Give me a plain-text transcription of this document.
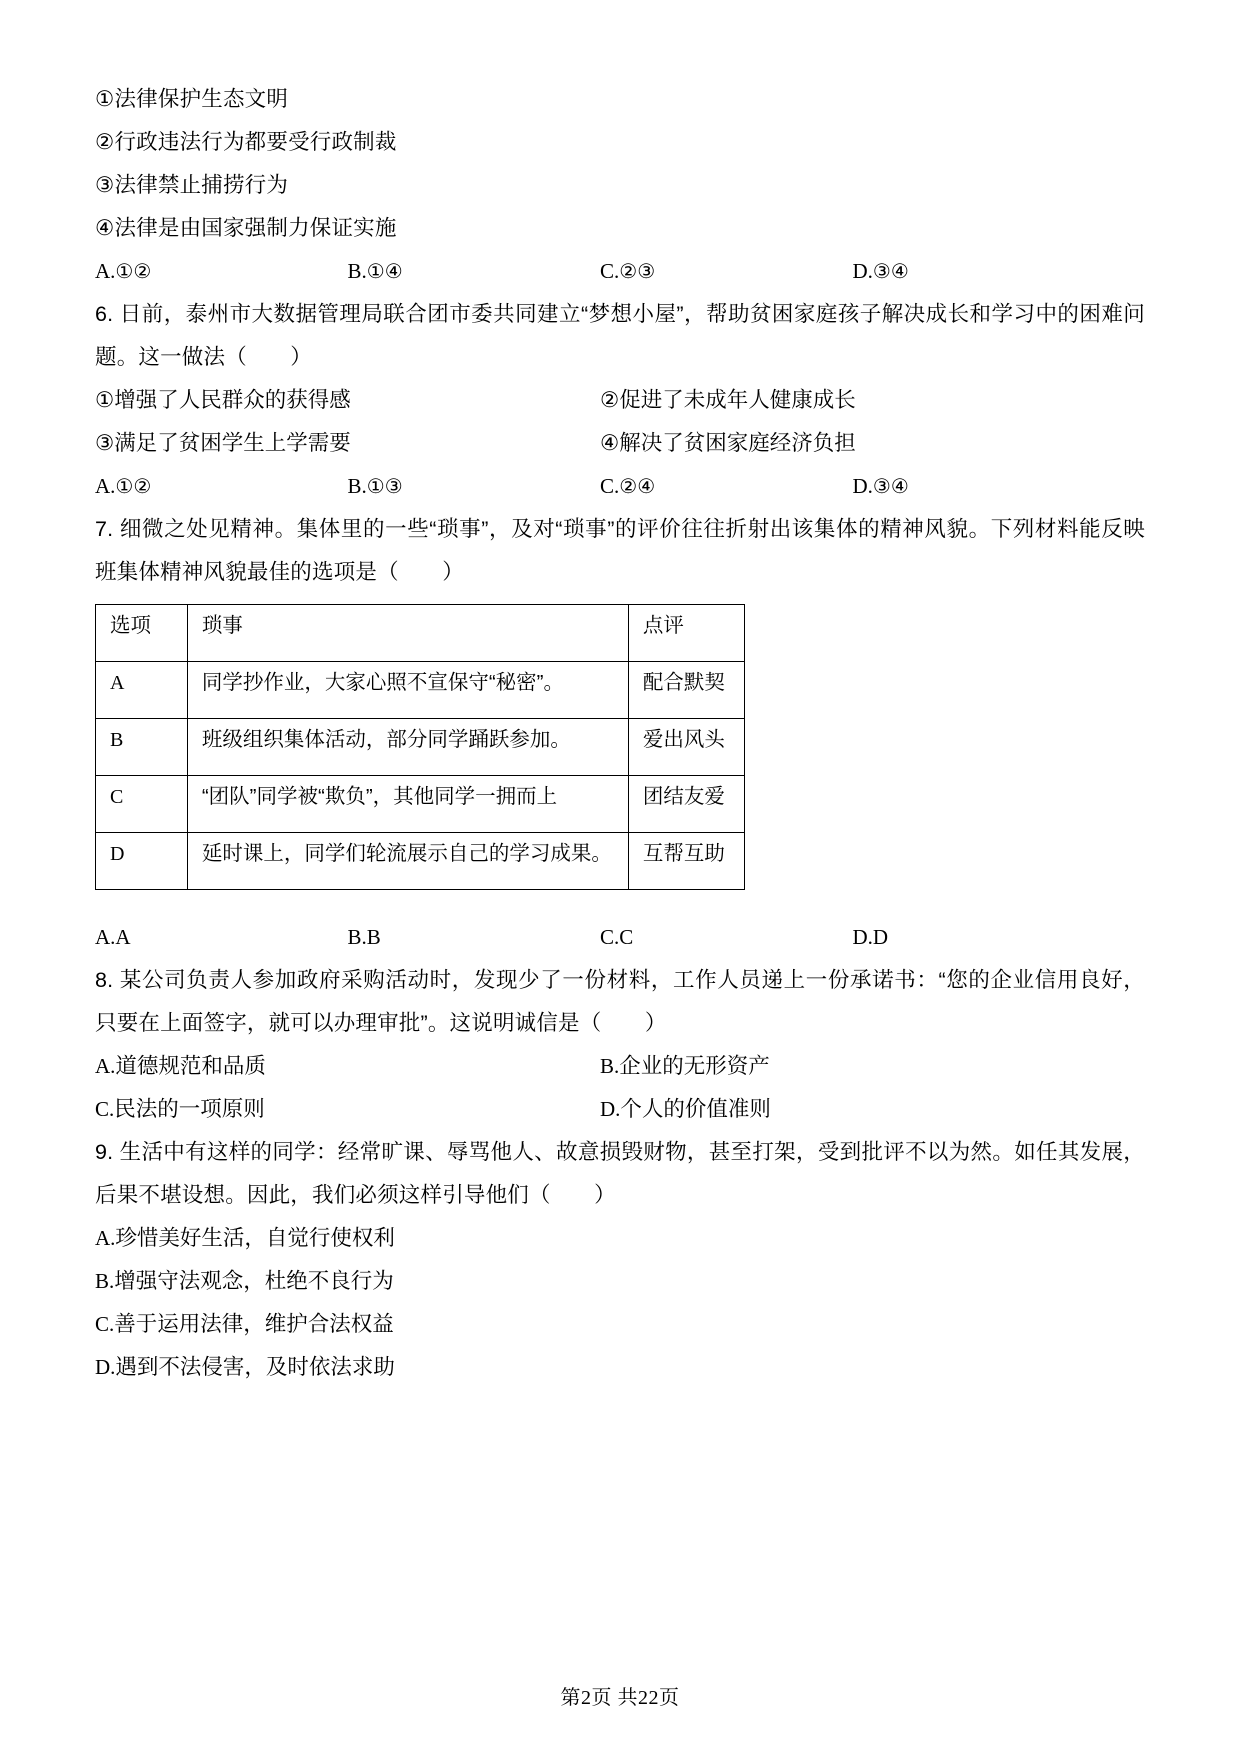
①法律保护生态文明
②行政违法行为都要受行政制裁
③法律禁止捕捞行为
④法律是由国家强制力保证实施
A.①②	B.①④	C.②③	D.③④
6. 日前，泰州市大数据管理局联合团市委共同建立“梦想小屋”，帮助贫困家庭孩子解决成长和学习中的困难问题。这一做法（　　）
①增强了人民群众的获得感	②促进了未成年人健康成长
③满足了贫困学生上学需要	④解决了贫困家庭经济负担
A.①②	B.①③	C.②④	D.③④
7. 细微之处见精神。集体里的一些“琐事”，及对“琐事”的评价往往折射出该集体的精神风貌。下列材料能反映班集体精神风貌最佳的选项是（　　）
选项	琐事	点评
A	同学抄作业，大家心照不宣保守“秘密”。	配合默契
B	班级组织集体活动，部分同学踊跃参加。	爱出风头
C	“团队”同学被“欺负”，其他同学一拥而上	团结友爱
D	延时课上，同学们轮流展示自己的学习成果。	互帮互助
A.A	B.B	C.C	D.D
8. 某公司负责人参加政府采购活动时，发现少了一份材料，工作人员递上一份承诺书：“您的企业信用良好，只要在上面签字，就可以办理审批”。这说明诚信是（　　）
A.道德规范和品质	B.企业的无形资产
C.民法的一项原则	D.个人的价值准则
9. 生活中有这样的同学：经常旷课、辱骂他人、故意损毁财物，甚至打架，受到批评不以为然。如任其发展，后果不堪设想。因此，我们必须这样引导他们（　　）
A.珍惜美好生活，自觉行使权利
B.增强守法观念，杜绝不良行为
C.善于运用法律，维护合法权益
D.遇到不法侵害，及时依法求助
第2页 共22页
